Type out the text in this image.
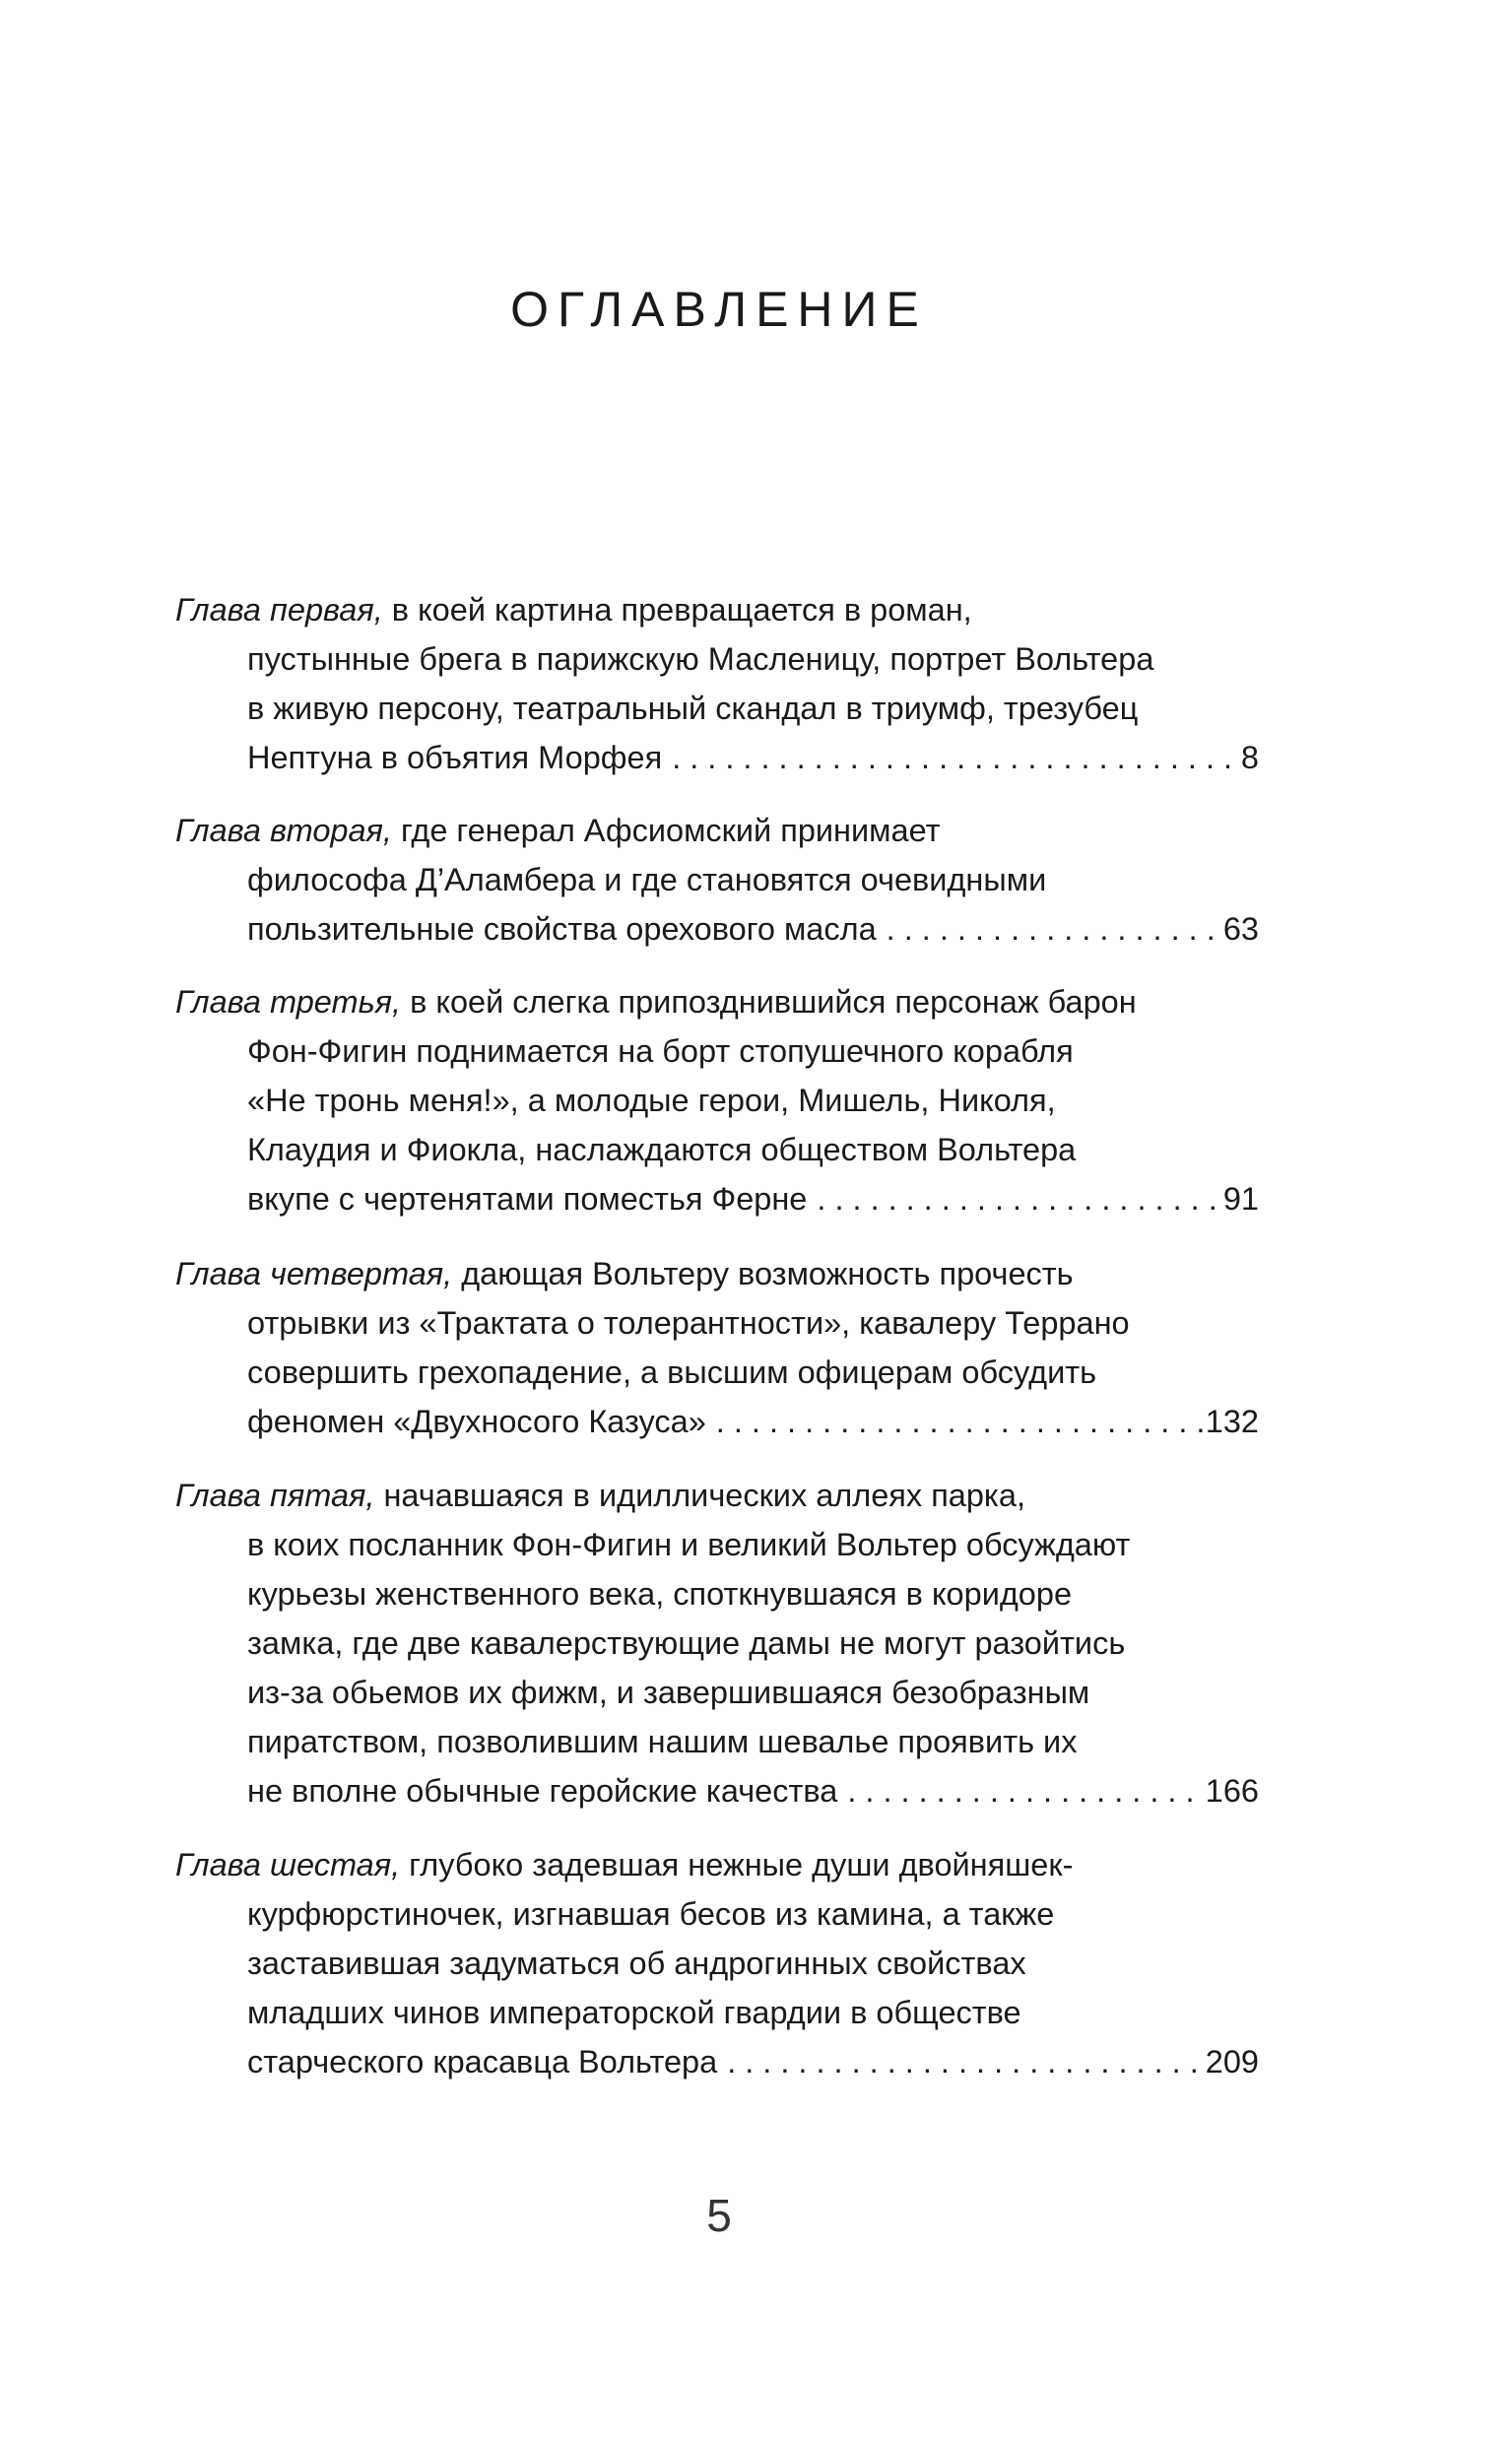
ОГЛАВЛЕНИЕ
Глава первая, в коей картина превращается в роман,
пустынные брега в парижскую Масленицу, портрет Вольтера
в живую персону, театральный скандал в триумф, трезубец
Нептуна в объятия Морфея . . .	8
Глава вторая, где генерал Афсиомский принимает
философа Д’Аламбера и где становятся очевидными
пользительные свойства орехового масла . . .	63
Глава третья, в коей слегка припозднившийся персонаж барон
Фон-Фигин поднимается на борт стопушечного корабля
«Не тронь меня!», а молодые герои, Мишель, Николя,
Клаудия и Фиокла, наслаждаются обществом Вольтера
вкупе с чертенятами поместья Ферне . . .	91
Глава четвертая, дающая Вольтеру возможность прочесть
отрывки из «Трактата о толерантности», кавалеру Террано
совершить грехопадение, а высшим офицерам обсудить
феномен «Двухносого Казуса» . . .	132
Глава пятая, начавшаяся в идиллических аллеях парка,
в коих посланник Фон-Фигин и великий Вольтер обсуждают
курьезы женственного века, споткнувшаяся в коридоре
замка, где две кавалерствующие дамы не могут разойтись
из-за обьемов их фижм, и завершившаяся безобразным
пиратством, позволившим нашим шевалье проявить их
не вполне обычные геройские качества . . .	166
Глава шестая, глубоко задевшая нежные души двойняшек-
курфюрстиночек, изгнавшая бесов из камина, а также
заставившая задуматься об андрогинных свойствах
младших чинов императорской гвардии в обществе
старческого красавца Вольтера . . .	209
5
